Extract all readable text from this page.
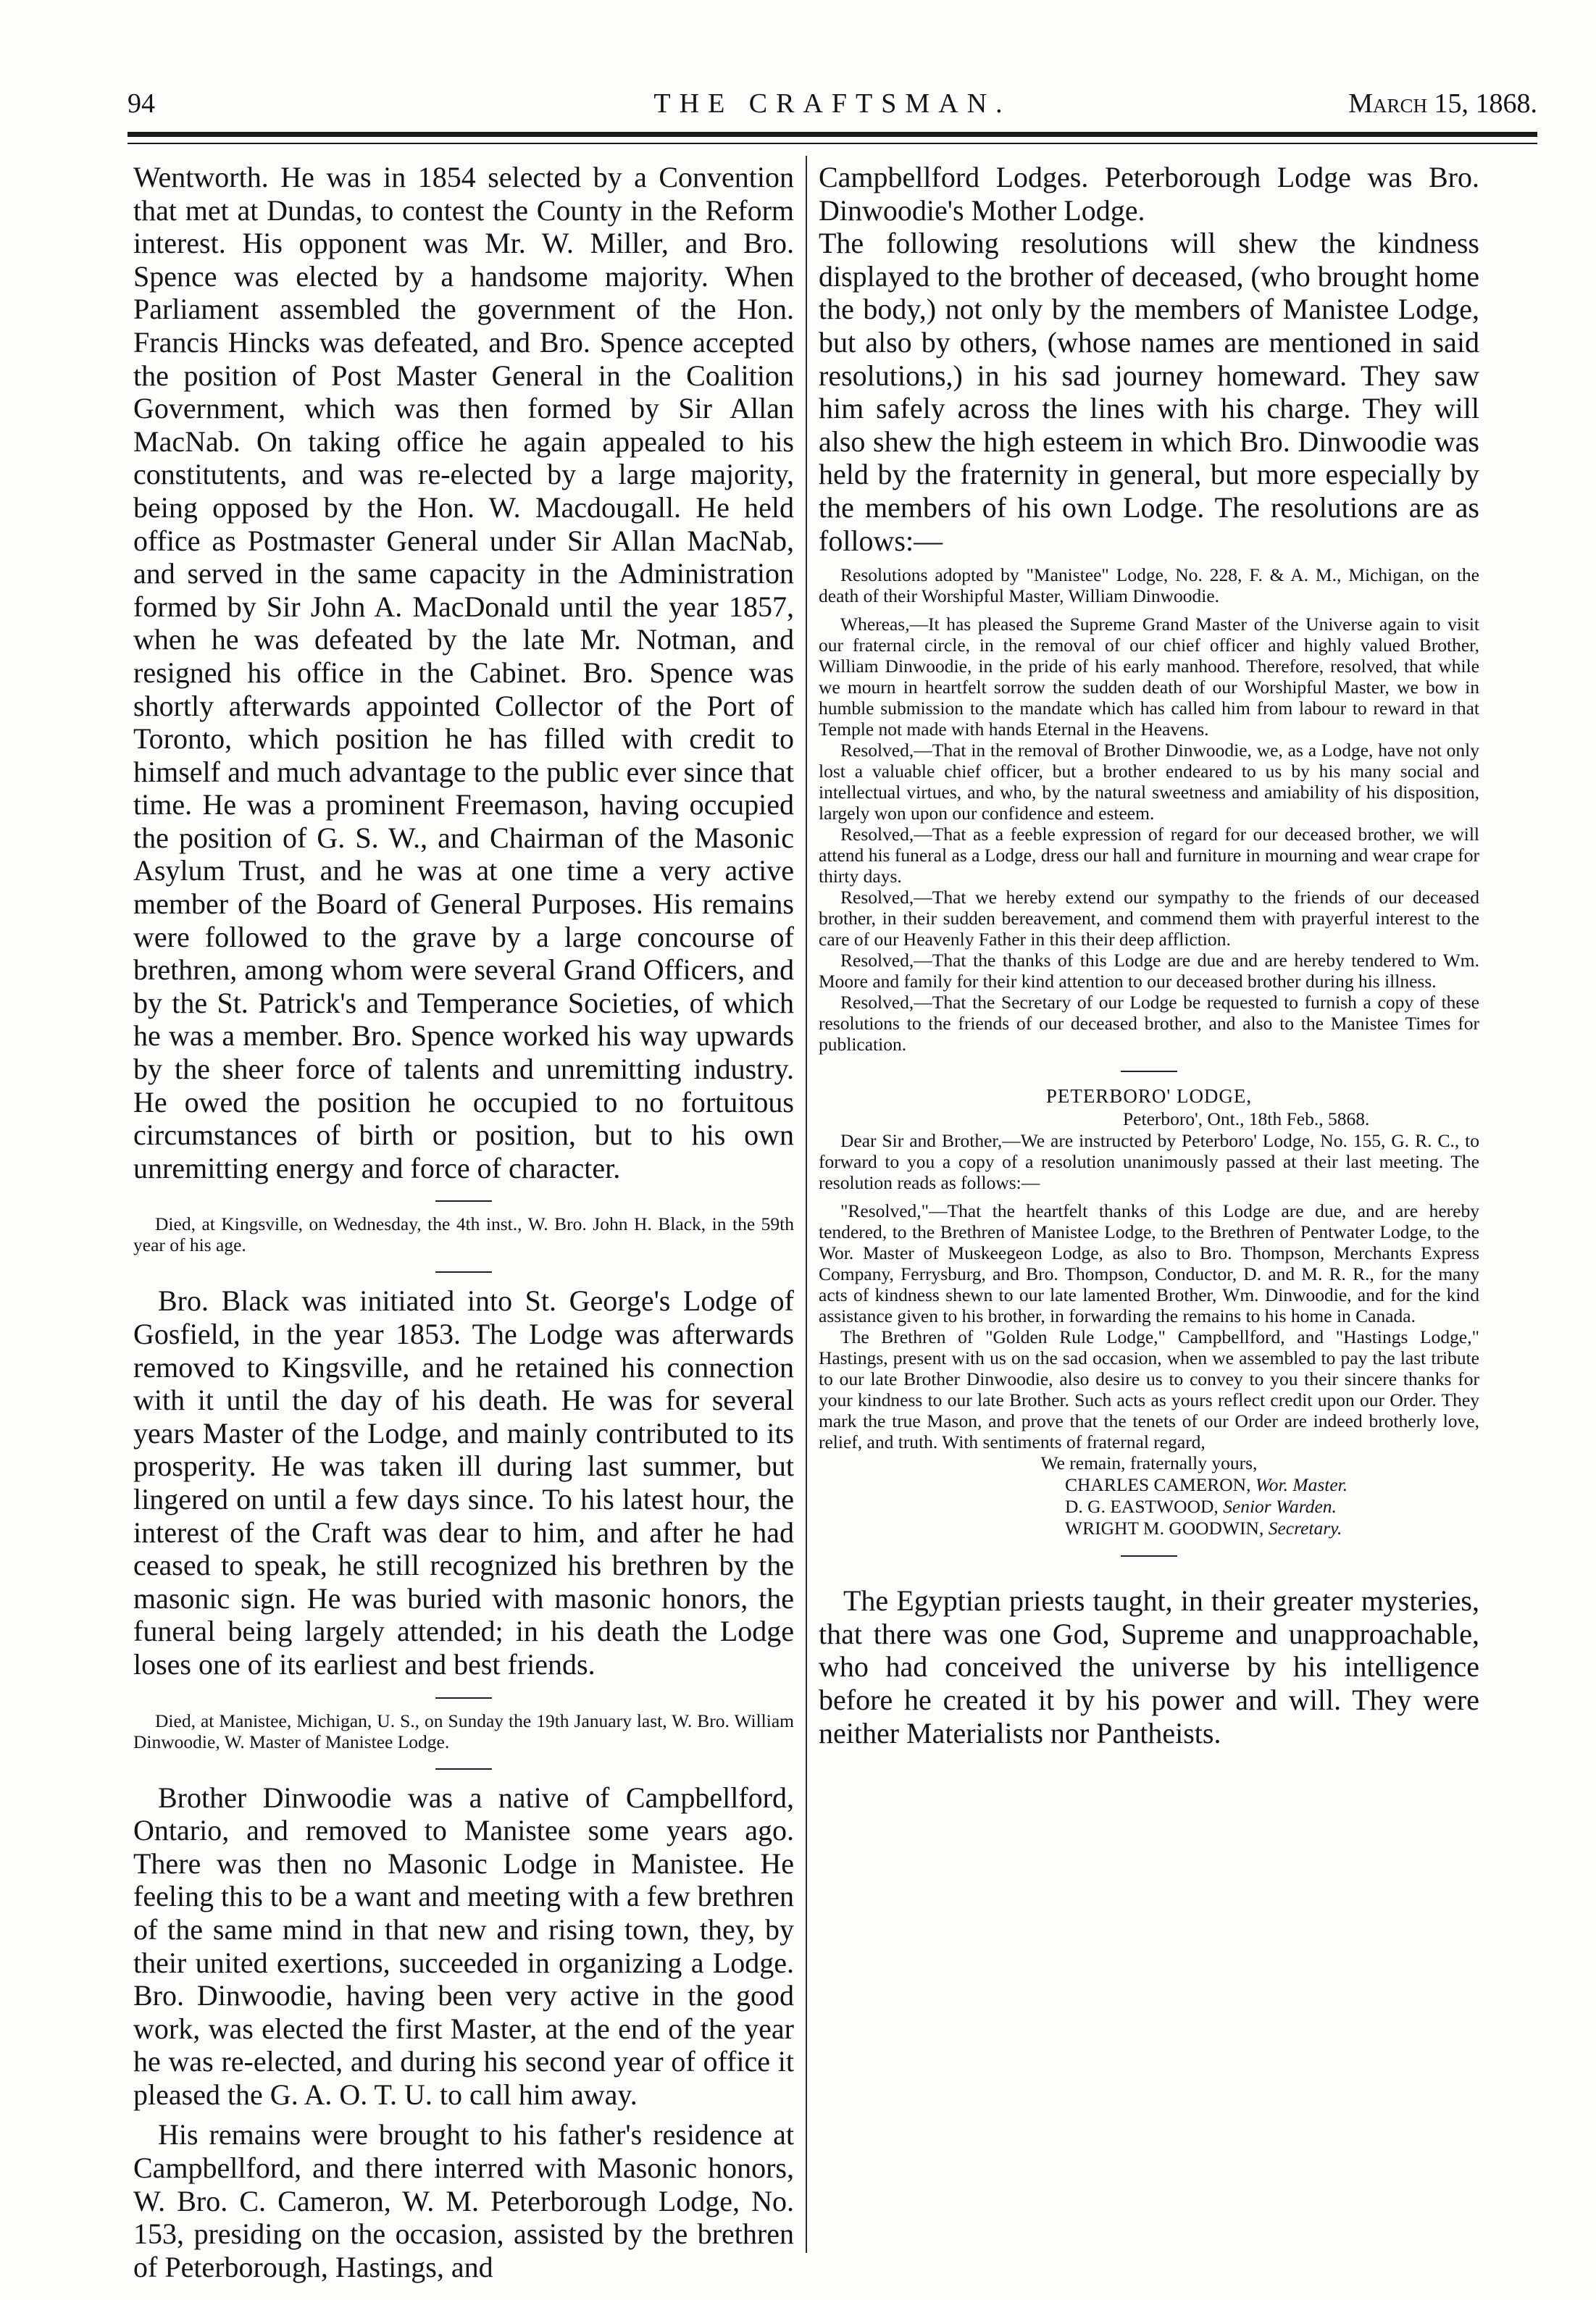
94	THE CRAFTSMAN.	March 15, 1868.

Wentworth. He was in 1854 selected by a Convention that met at Dundas, to contest the County in the Reform interest. His opponent was Mr. W. Miller, and Bro. Spence was elected by a handsome majority. When Parliament assembled the government of the Hon. Francis Hincks was defeated, and Bro. Spence accepted the position of Post Master General in the Coalition Government, which was then formed by Sir Allan MacNab. On taking office he again appealed to his constitutents, and was re-elected by a large majority, being opposed by the Hon. W. Macdougall. He held office as Postmaster General under Sir Allan MacNab, and served in the same capacity in the Administration formed by Sir John A. MacDonald until the year 1857, when he was defeated by the late Mr. Notman, and resigned his office in the Cabinet. Bro. Spence was shortly afterwards appointed Collector of the Port of Toronto, which position he has filled with credit to himself and much advantage to the public ever since that time. He was a prominent Freemason, having occupied the position of G. S. W., and Chairman of the Masonic Asylum Trust, and he was at one time a very active member of the Board of General Purposes. His remains were followed to the grave by a large concourse of brethren, among whom were several Grand Officers, and by the St. Patrick's and Temperance Societies, of which he was a member. Bro. Spence worked his way upwards by the sheer force of talents and unremitting industry. He owed the position he occupied to no fortuitous circumstances of birth or position, but to his own unremitting energy and force of character.

Died, at Kingsville, on Wednesday, the 4th inst., W. Bro. John H. Black, in the 59th year of his age.

Bro. Black was initiated into St. George's Lodge of Gosfield, in the year 1853. The Lodge was afterwards removed to Kingsville, and he retained his connection with it until the day of his death. He was for several years Master of the Lodge, and mainly contributed to its prosperity. He was taken ill during last summer, but lingered on until a few days since. To his latest hour, the interest of the Craft was dear to him, and after he had ceased to speak, he still recognized his brethren by the masonic sign. He was buried with masonic honors, the funeral being largely attended; in his death the Lodge loses one of its earliest and best friends.

Died, at Manistee, Michigan, U. S., on Sunday the 19th January last, W. Bro. William Dinwoodie, W. Master of Manistee Lodge.

Brother Dinwoodie was a native of Campbellford, Ontario, and removed to Manistee some years ago. There was then no Masonic Lodge in Manistee. He feeling this to be a want and meeting with a few brethren of the same mind in that new and rising town, they, by their united exertions, succeeded in organizing a Lodge. Bro. Dinwoodie, having been very active in the good work, was elected the first Master, at the end of the year he was re-elected, and during his second year of office it pleased the G. A. O. T. U. to call him away.

His remains were brought to his father's residence at Campbellford, and there interred with Masonic honors, W. Bro. C. Cameron, W. M. Peterborough Lodge, No. 153, presiding on the occasion, assisted by the brethren of Peterborough, Hastings, and

Campbellford Lodges. Peterborough Lodge was Bro. Dinwoodie's Mother Lodge.

The following resolutions will shew the kindness displayed to the brother of deceased, (who brought home the body,) not only by the members of Manistee Lodge, but also by others, (whose names are mentioned in said resolutions,) in his sad journey homeward. They saw him safely across the lines with his charge. They will also shew the high esteem in which Bro. Dinwoodie was held by the fraternity in general, but more especially by the members of his own Lodge. The resolutions are as follows:—

Resolutions adopted by "Manistee" Lodge, No. 228, F. & A. M., Michigan, on the death of their Worshipful Master, William Dinwoodie.

Whereas,—It has pleased the Supreme Grand Master of the Universe again to visit our fraternal circle, in the removal of our chief officer and highly valued Brother, William Dinwoodie, in the pride of his early manhood. Therefore, resolved, that while we mourn in heartfelt sorrow the sudden death of our Worshipful Master, we bow in humble submission to the mandate which has called him from labour to reward in that Temple not made with hands Eternal in the Heavens.

Resolved,—That in the removal of Brother Dinwoodie, we, as a Lodge, have not only lost a valuable chief officer, but a brother endeared to us by his many social and intellectual virtues, and who, by the natural sweetness and amiability of his disposition, largely won upon our confidence and esteem.

Resolved,—That as a feeble expression of regard for our deceased brother, we will attend his funeral as a Lodge, dress our hall and furniture in mourning and wear crape for thirty days.

Resolved,—That we hereby extend our sympathy to the friends of our deceased brother, in their sudden bereavement, and commend them with prayerful interest to the care of our Heavenly Father in this their deep affliction.

Resolved,—That the thanks of this Lodge are due and are hereby tendered to Wm. Moore and family for their kind attention to our deceased brother during his illness.

Resolved,—That the Secretary of our Lodge be requested to furnish a copy of these resolutions to the friends of our deceased brother, and also to the Manistee Times for publication.

PETERBORO' LODGE,

Peterboro', Ont., 18th Feb., 5868.

Dear Sir and Brother,—We are instructed by Peterboro' Lodge, No. 155, G. R. C., to forward to you a copy of a resolution unanimously passed at their last meeting. The resolution reads as follows:—

"Resolved,"—That the heartfelt thanks of this Lodge are due, and are hereby tendered, to the Brethren of Manistee Lodge, to the Brethren of Pentwater Lodge, to the Wor. Master of Muskeegeon Lodge, as also to Bro. Thompson, Merchants Express Company, Ferrysburg, and Bro. Thompson, Conductor, D. and M. R. R., for the many acts of kindness shewn to our late lamented Brother, Wm. Dinwoodie, and for the kind assistance given to his brother, in forwarding the remains to his home in Canada.

The Brethren of "Golden Rule Lodge," Campbellford, and "Hastings Lodge," Hastings, present with us on the sad occasion, when we assembled to pay the last tribute to our late Brother Dinwoodie, also desire us to convey to you their sincere thanks for your kindness to our late Brother. Such acts as yours reflect credit upon our Order. They mark the true Mason, and prove that the tenets of our Order are indeed brotherly love, relief, and truth. With sentiments of fraternal regard,

We remain, fraternally yours,

CHARLES CAMERON, Wor. Master.

D. G. EASTWOOD, Senior Warden.

WRIGHT M. GOODWIN, Secretary.

The Egyptian priests taught, in their greater mysteries, that there was one God, Supreme and unapproachable, who had conceived the universe by his intelligence before he created it by his power and will. They were neither Materialists nor Pantheists.
